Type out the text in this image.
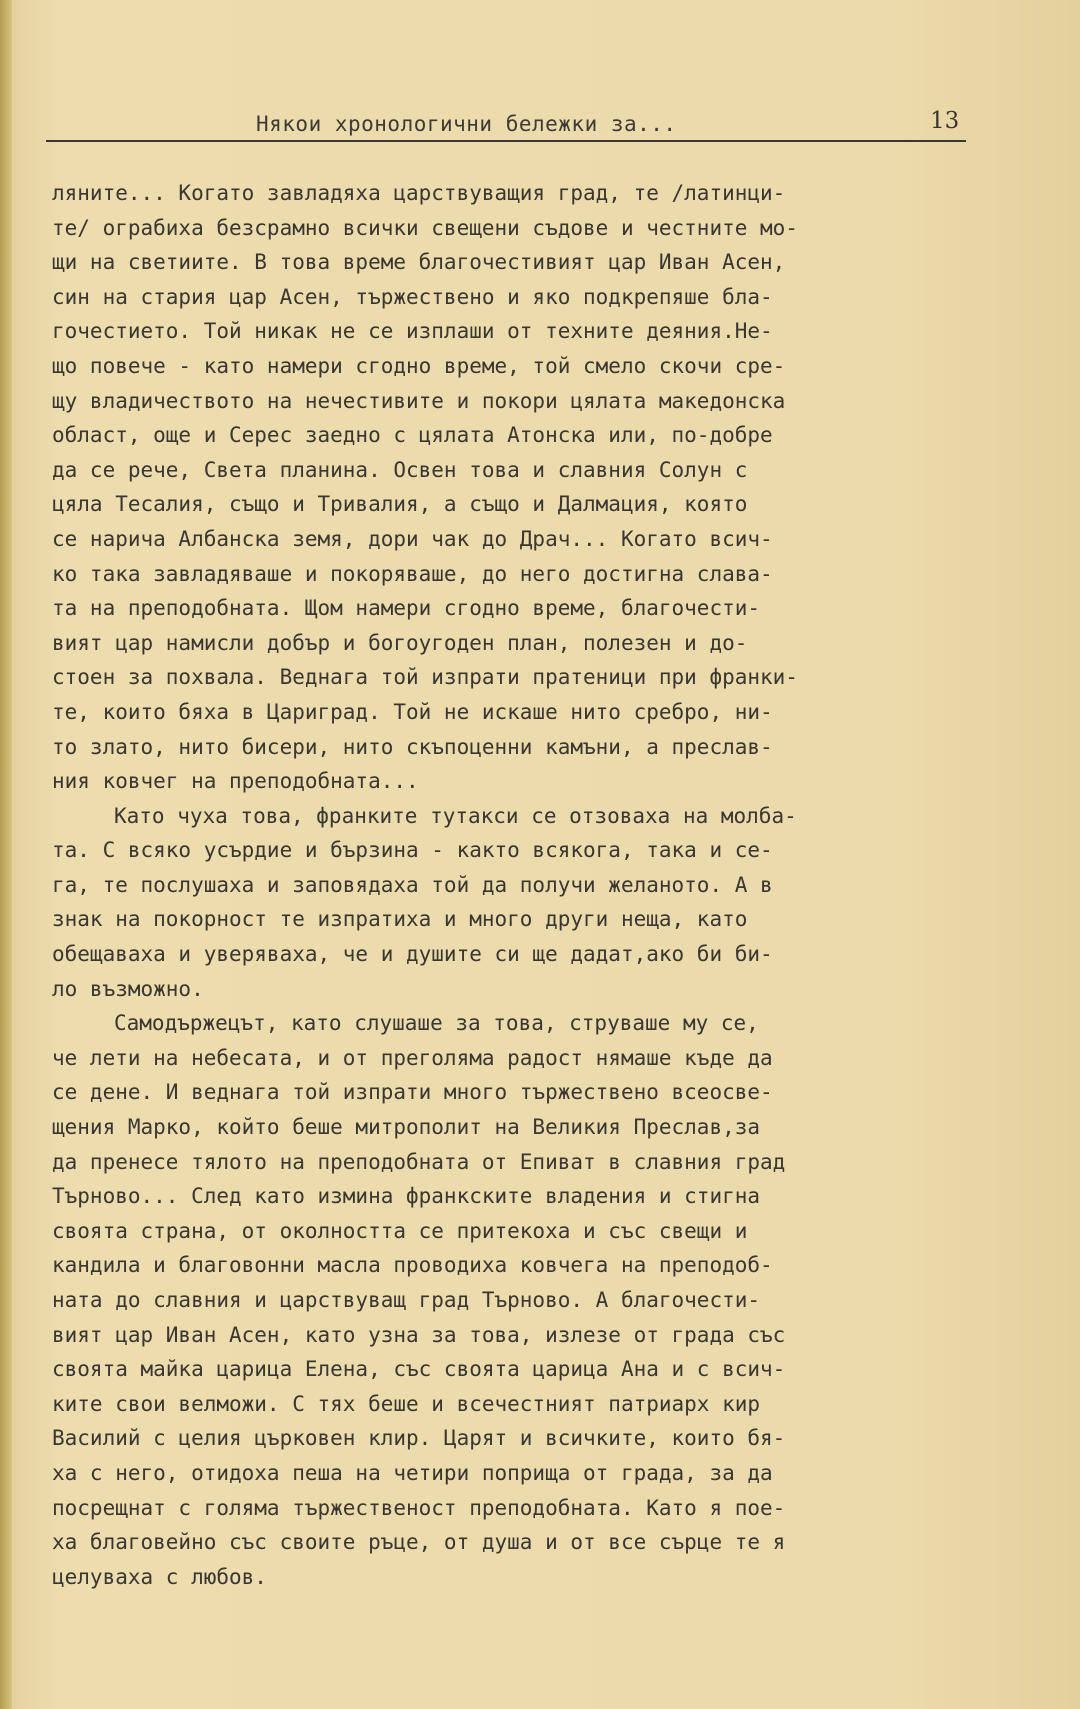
Някои хронологични бележки за...	13
ляните... Когато завладяха царствуващия град, те /латинци-
те/ ограбиха безсрамно всички свещени съдове и честните мо-
щи на светиите. В това време благочестивият цар Иван Асен,
син на стария цар Асен, тържествено и яко подкрепяше бла-
гочестието. Той никак не се изплаши от техните деяния.Не-
що повече - като намери сгодно време, той смело скочи сре-
щу владичеството на нечестивите и покори цялата македонска
област, още и Серес заедно с цялата Атонска или, по-добре
да се рече, Света планина. Освен това и славния Солун с
цяла Тесалия, също и Тривалия, а също и Далмация, която
се нарича Албанска земя, дори чак до Драч... Когато всич-
ко така завладяваше и покоряваше, до него достигна слава-
та на преподобната. Щом намери сгодно време, благочести-
вият цар намисли добър и богоугоден план, полезен и до-
стоен за похвала. Веднага той изпрати пратеници при франки-
те, които бяха в Цариград. Той не искаше нито сребро, ни-
то злато, нито бисери, нито скъпоценни камъни, а преслав-
ния ковчег на преподобната...
Като чуха това, франките тутакси се отзоваха на молба-
та. С всяко усърдие и бързина - както всякога, така и се-
га, те послушаха и заповядаха той да получи желаното. А в
знак на покорност те изпратиха и много други неща, като
обещаваха и уверяваха, че и душите си ще дадат,ако би би-
ло възможно.
Самодържецът, като слушаше за това, струваше му се,
че лети на небесата, и от преголяма радост нямаше къде да
се дене. И веднага той изпрати много тържествено всеосве-
щения Марко, който беше митрополит на Великия Преслав,за
да пренесе тялото на преподобната от Епиват в славния град
Търново... След като измина франкските владения и стигна
своята страна, от околността се притекоха и със свещи и
кандила и благовонни масла проводиха ковчега на преподоб-
ната до славния и царствуващ град Търново. А благочести-
вият цар Иван Асен, като узна за това, излезе от града със
своята майка царица Елена, със своята царица Ана и с всич-
ките свои велможи. С тях беше и всечестният патриарх кир
Василий с целия църковен клир. Царят и всичките, които бя-
ха с него, отидоха пеша на четири поприща от града, за да
посрещнат с голяма тържественост преподобната. Като я пое-
ха благовейно със своите ръце, от душа и от все сърце те я
целуваха с любов.
